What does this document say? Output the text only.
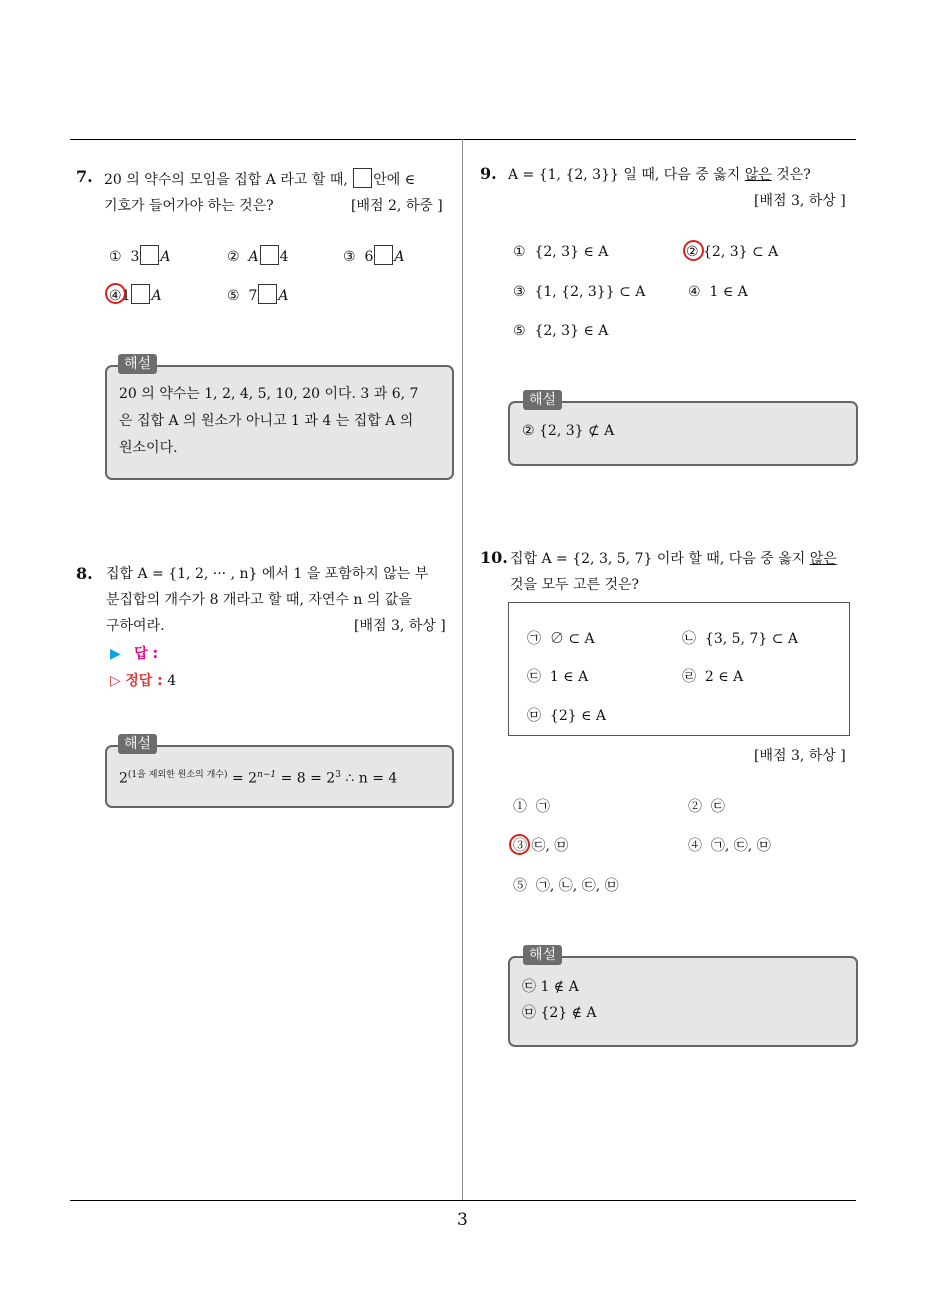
3
7. 20 의 약수의 모임을 집합 A 라고 할 때, 안에 ∈
기호가 들어가야 하는 것은?	[배점 2, 하중 ]
① 3 A	② A 4	③ 6 A
④1 A	⑤ 7 A
20 의 약수는 1, 2, 4, 5, 10, 20 이다. 3 과 6, 7
은 집합 A 의 원소가 아니고 1 과 4 는 집합 A 의
원소이다.
해설
8. 집합 A = {1, 2, ··· , n} 에서 1 을 포함하지 않는 부
분집합의 개수가 8 개라고 할 때, 자연수 n 의 값을
구하여라.	[배점 3, 하상 ]
▶ 답 :
▷ 정답 : 4
$2^{(1을 제외한 원소의 개수)} = 2^{n-1} = 8 = 2^3$ ∴ n = 4
해설
9. A = {1, {2, 3}} 일 때, 다음 중 옳지 않은 것은?
[배점 3, 하상 ]
① {2, 3} ∈ A	② {2, 3} ⊂ A
③ {1, {2, 3}} ⊂ A	④ 1 ∈ A
⑤ {2, 3} ∈ A
② {2, 3} ⊄ A
해설
10. 집합 A = {2, 3, 5, 7} 이라 할 때, 다음 중 옳지 않은
것을 모두 고른 것은?
㉠ ∅ ⊂ A	㉡ {3, 5, 7} ⊂ A
㉢ 1 ∈ A	㉣ 2 ∈ A
㉤ {2} ∈ A
[배점 3, 하상 ]
① ㉠	② ㉢
③ ㉢, ㉤	④ ㉠, ㉢, ㉤
⑤ ㉠, ㉡, ㉢, ㉤
㉢ 1 ∉ A
㉤ {2} ∉ A
해설
